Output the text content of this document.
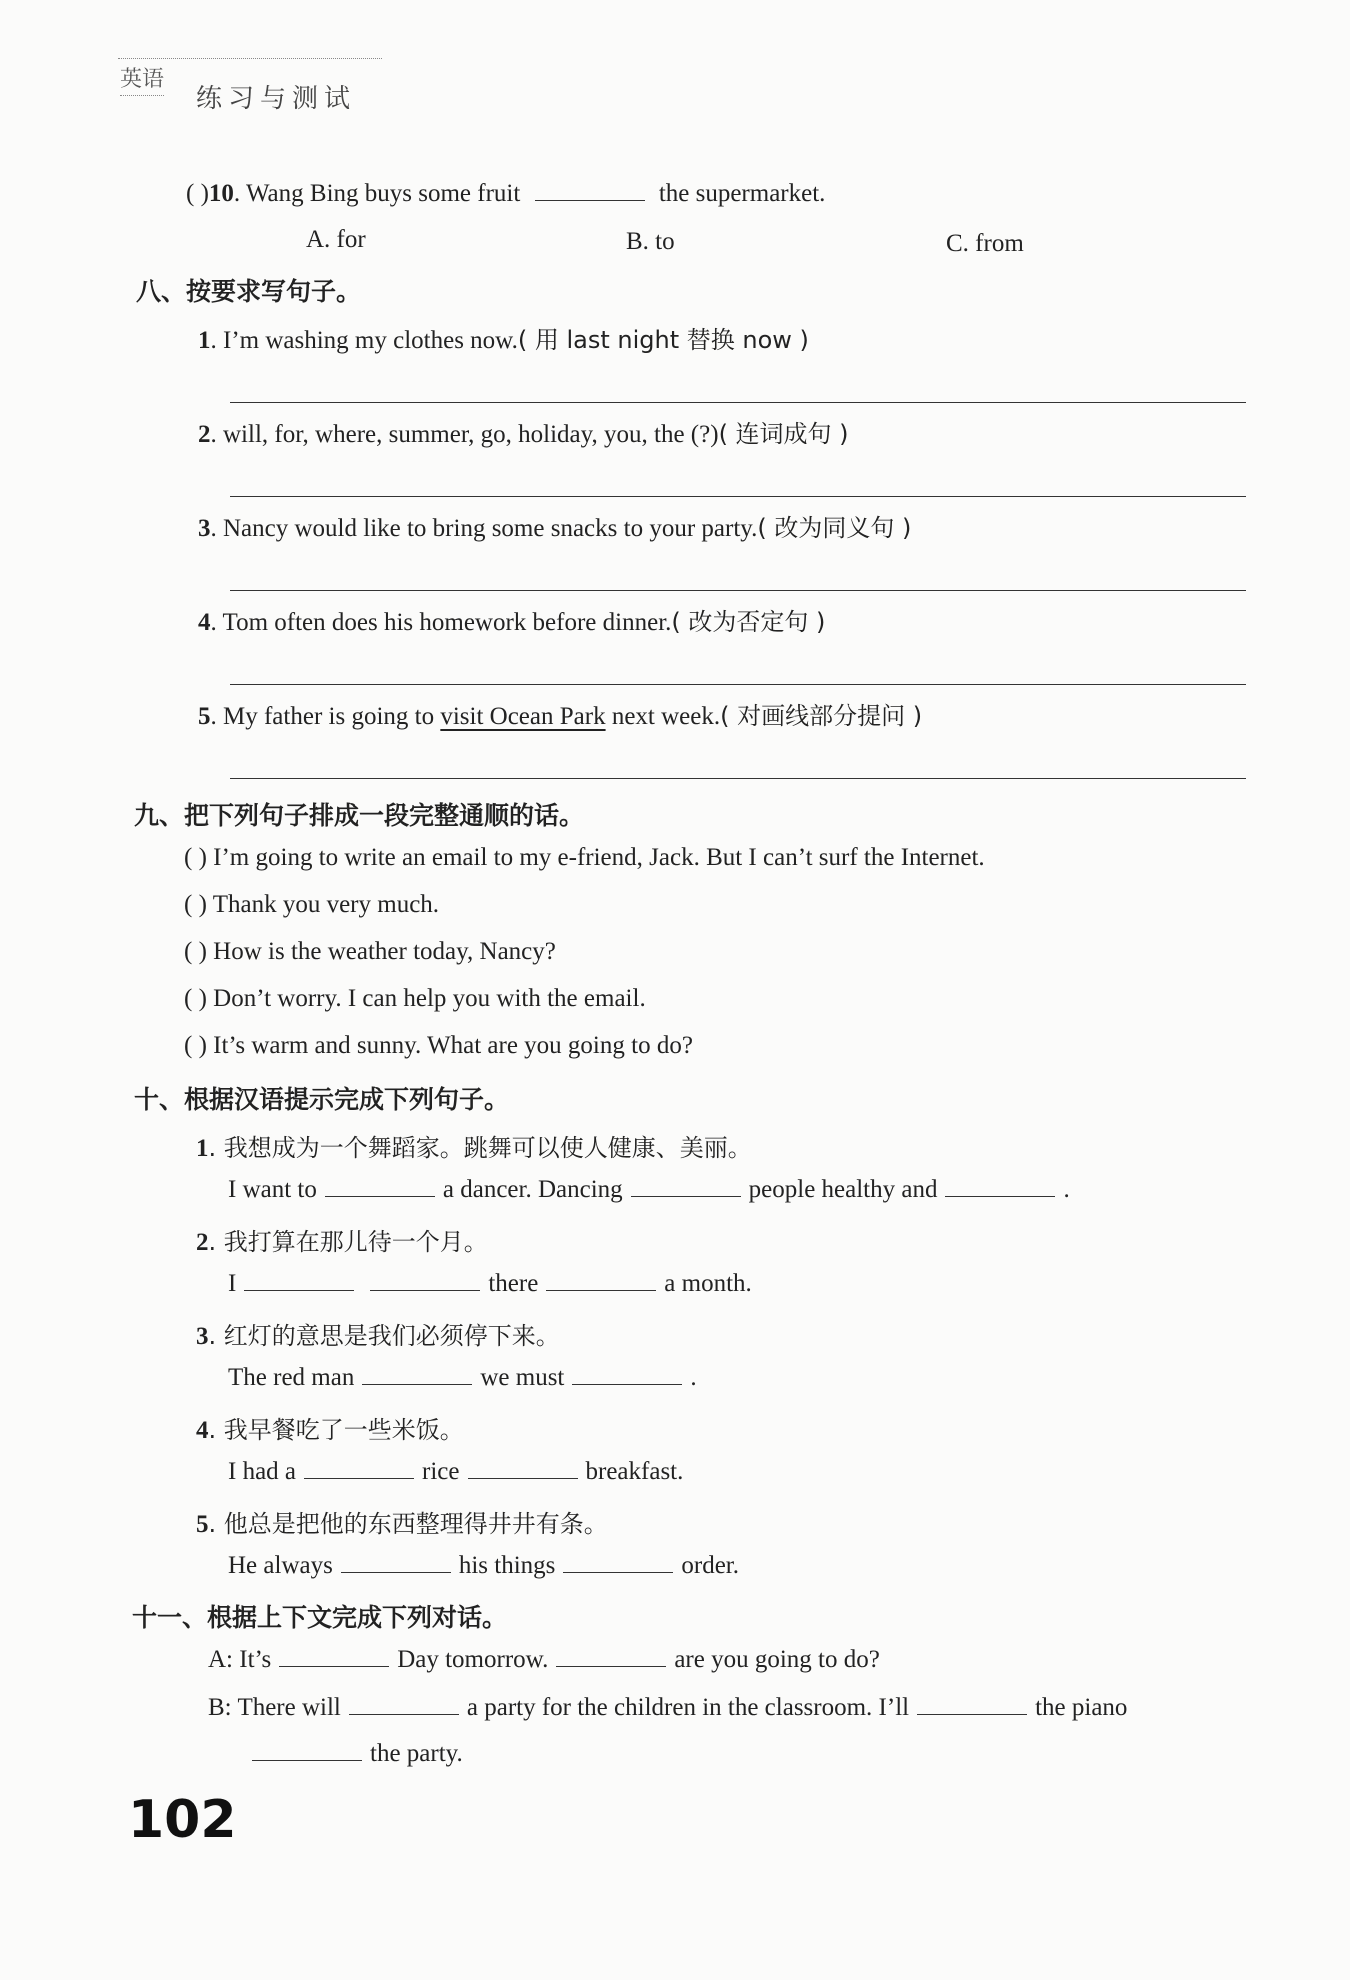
英语
练习与测试
( )10. Wang Bing buys some fruit	the supermarket.
A. for	B. to	C. from
八、按要求写句子。
1. I’m washing my clothes now.( 用 last night 替换 now )
2. will, for, where, summer, go, holiday, you, the (?)( 连词成句 )
3. Nancy would like to bring some snacks to your party.( 改为同义句 )
4. Tom often does his homework before dinner.( 改为否定句 )
5. My father is going to visit Ocean Park next week.( 对画线部分提问 )
九、把下列句子排成一段完整通顺的话。
( ) I’m going to write an email to my e-friend, Jack. But I can’t surf the Internet.
( ) Thank you very much.
( ) How is the weather today, Nancy?
( ) Don’t worry. I can help you with the email.
( ) It’s warm and sunny. What are you going to do?
十、根据汉语提示完成下列句子。
1. 我想成为一个舞蹈家。跳舞可以使人健康、美丽。
I want to	a dancer. Dancing	people healthy and	.
2. 我打算在那儿待一个月。
I	there	a month.
3. 红灯的意思是我们必须停下来。
The red man	we must	.
4. 我早餐吃了一些米饭。
I had a	rice	breakfast.
5. 他总是把他的东西整理得井井有条。
He always	his things	order.
十一、根据上下文完成下列对话。
A: It’s	Day tomorrow.	are you going to do?
B: There will	a party for the children in the classroom. I’ll	the piano
the party.
102
